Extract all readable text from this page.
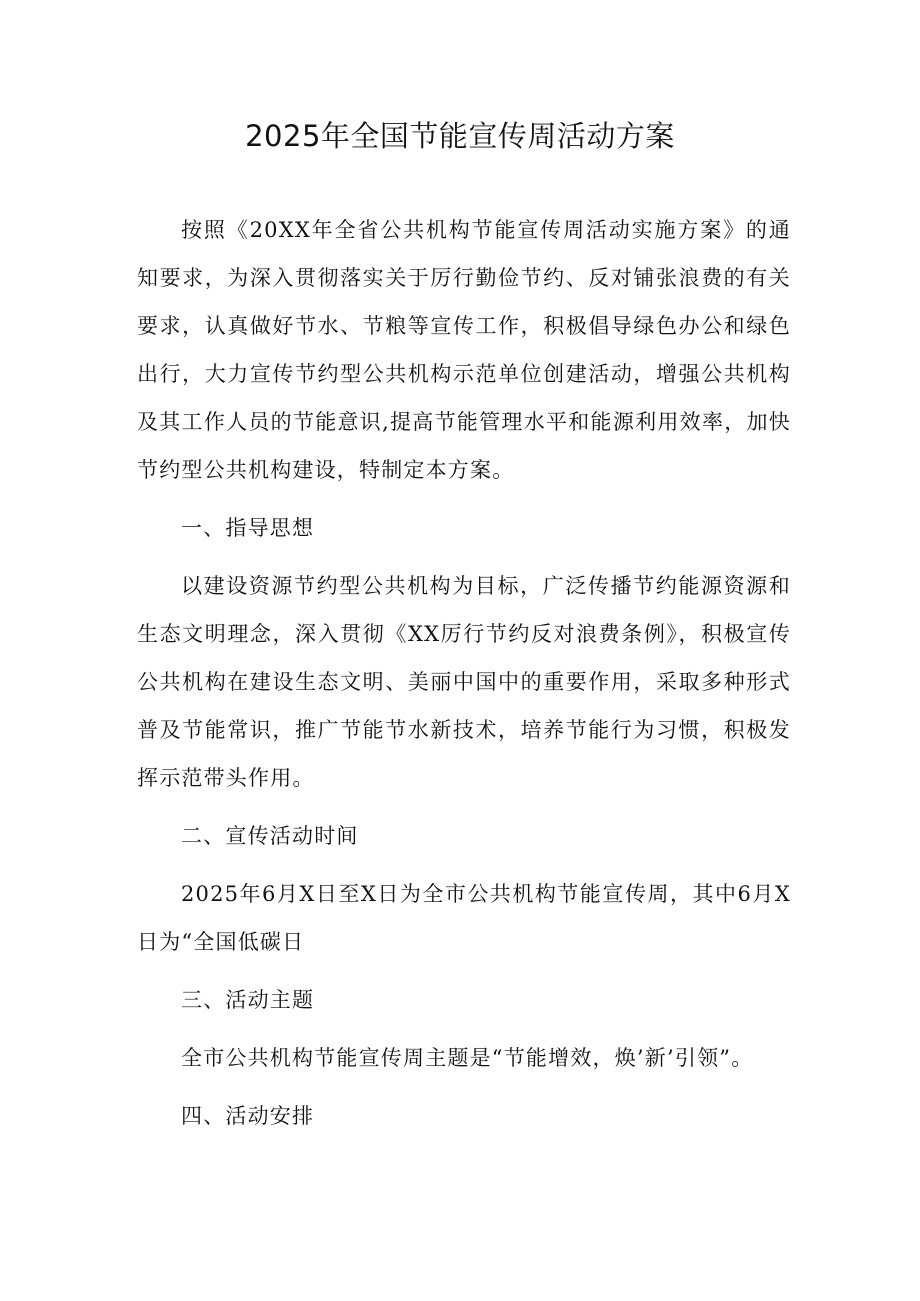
2025年全国节能宣传周活动方案

按照《20XX年全省公共机构节能宣传周活动实施方案》的通知要求，为深入贯彻落实关于厉行勤俭节约、反对铺张浪费的有关要求，认真做好节水、节粮等宣传工作，积极倡导绿色办公和绿色出行，大力宣传节约型公共机构示范单位创建活动，增强公共机构及其工作人员的节能意识,提高节能管理水平和能源利用效率，加快节约型公共机构建设，特制定本方案。

一、指导思想

以建设资源节约型公共机构为目标，广泛传播节约能源资源和生态文明理念，深入贯彻《XX厉行节约反对浪费条例》，积极宣传公共机构在建设生态文明、美丽中国中的重要作用，采取多种形式普及节能常识，推广节能节水新技术，培养节能行为习惯，积极发挥示范带头作用。

二、宣传活动时间

2025年6月X日至X日为全市公共机构节能宣传周，其中6月X日为“全国低碳日

三、活动主题

全市公共机构节能宣传周主题是“节能增效，焕’新’引领”。

四、活动安排
